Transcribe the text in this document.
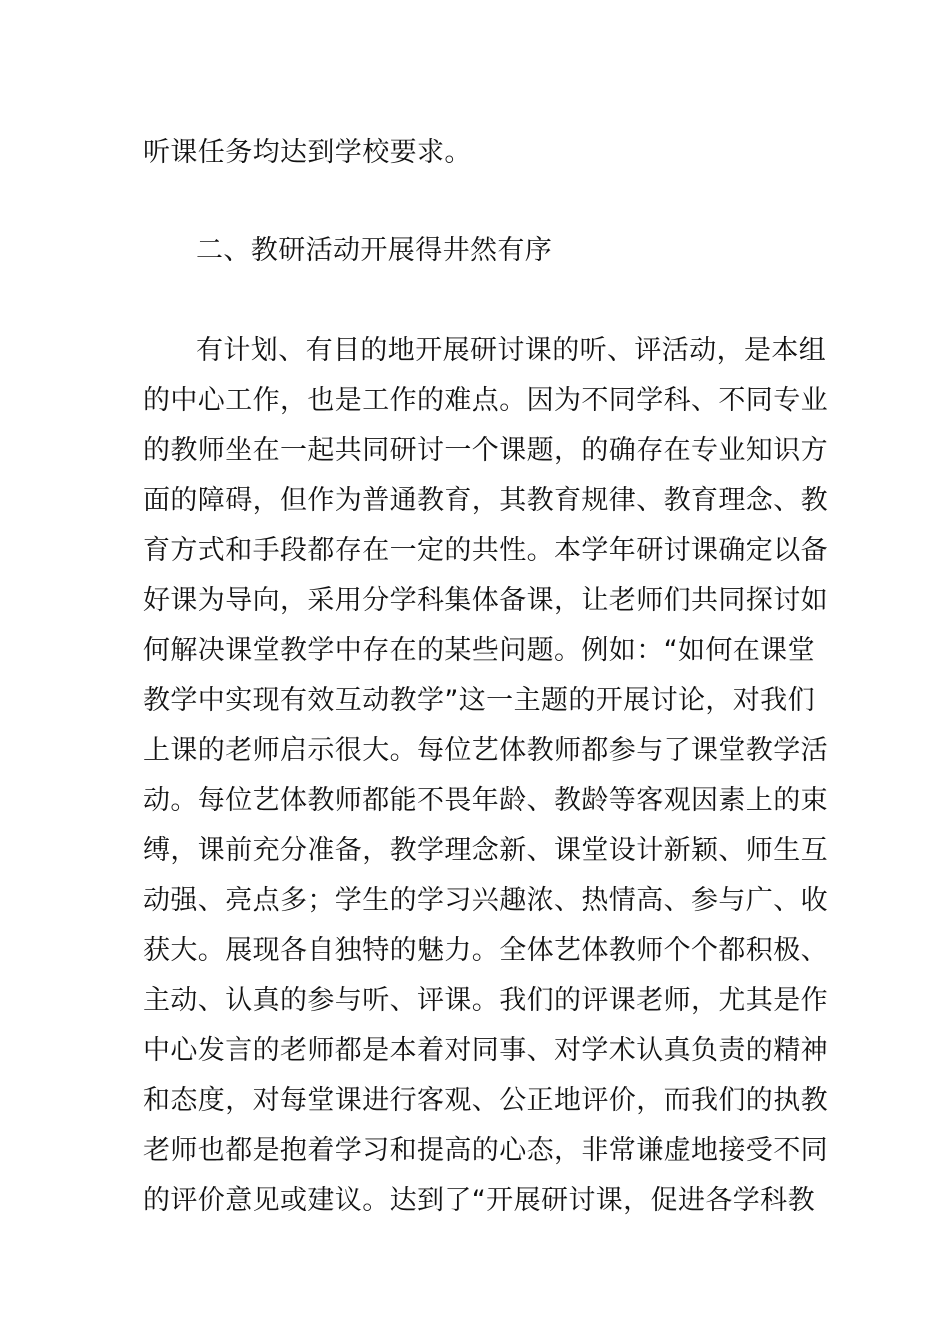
听课任务均达到学校要求。
二、教研活动开展得井然有序
有计划、有目的地开展研讨课的听、评活动，是本组
的中心工作，也是工作的难点。因为不同学科、不同专业
的教师坐在一起共同研讨一个课题，的确存在专业知识方
面的障碍，但作为普通教育，其教育规律、教育理念、教
育方式和手段都存在一定的共性。本学年研讨课确定以备
好课为导向，采用分学科集体备课，让老师们共同探讨如
何解决课堂教学中存在的某些问题。例如：“如何在课堂
教学中实现有效互动教学”这一主题的开展讨论，对我们
上课的老师启示很大。每位艺体教师都参与了课堂教学活
动。每位艺体教师都能不畏年龄、教龄等客观因素上的束
缚，课前充分准备，教学理念新、课堂设计新颖、师生互
动强、亮点多；学生的学习兴趣浓、热情高、参与广、收
获大。展现各自独特的魅力。全体艺体教师个个都积极、
主动、认真的参与听、评课。我们的评课老师，尤其是作
中心发言的老师都是本着对同事、对学术认真负责的精神
和态度，对每堂课进行客观、公正地评价，而我们的执教
老师也都是抱着学习和提高的心态，非常谦虚地接受不同
的评价意见或建议。达到了“开展研讨课，促进各学科教
